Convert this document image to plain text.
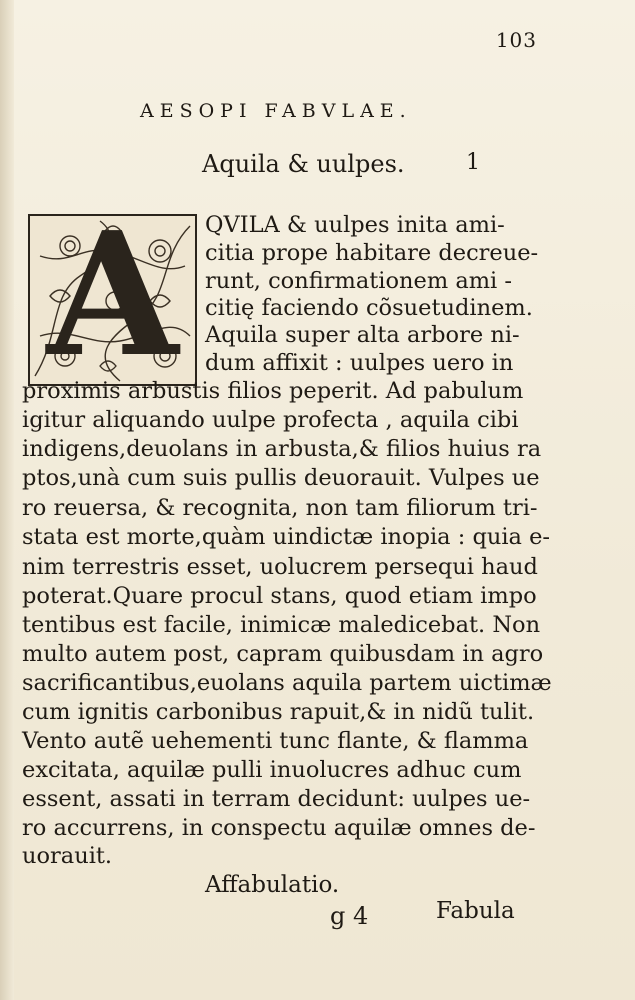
103
AESOPI FABVLAE.
Aquila & uulpes.	1
A	QVILA & uulpes inita ami-
citia prope habitare decreue-
runt, confirmationem ami -
citię faciendo cõsuetudinem.
Aquila super alta arbore ni-
dum affixit : uulpes uero in
proximis arbustis filios peperit. Ad pabulum
igitur aliquando uulpe profecta , aquila cibi
indigens,deuolans in arbusta,& filios huius ra
ptos,unà cum suis pullis deuorauit. Vulpes ue
ro reuersa, & recognita, non tam filiorum tri-
stata est morte,quàm uindictæ inopia : quia e-
nim terrestris esset, uolucrem persequi haud
poterat.Quare procul stans, quod etiam impo
tentibus est facile, inimicæ maledicebat. Non
multo autem post, capram quibusdam in agro
sacrificantibus,euolans aquila partem uictimæ
cum ignitis carbonibus rapuit,& in nidũ tulit.
Vento autẽ uehementi tunc flante, & flamma
excitata, aquilæ pulli inuolucres adhuc cum
essent, assati in terram decidunt: uulpes ue-
ro accurrens, in conspectu aquilæ omnes de-
uorauit.
Affabulatio.
g 4	Fabula
